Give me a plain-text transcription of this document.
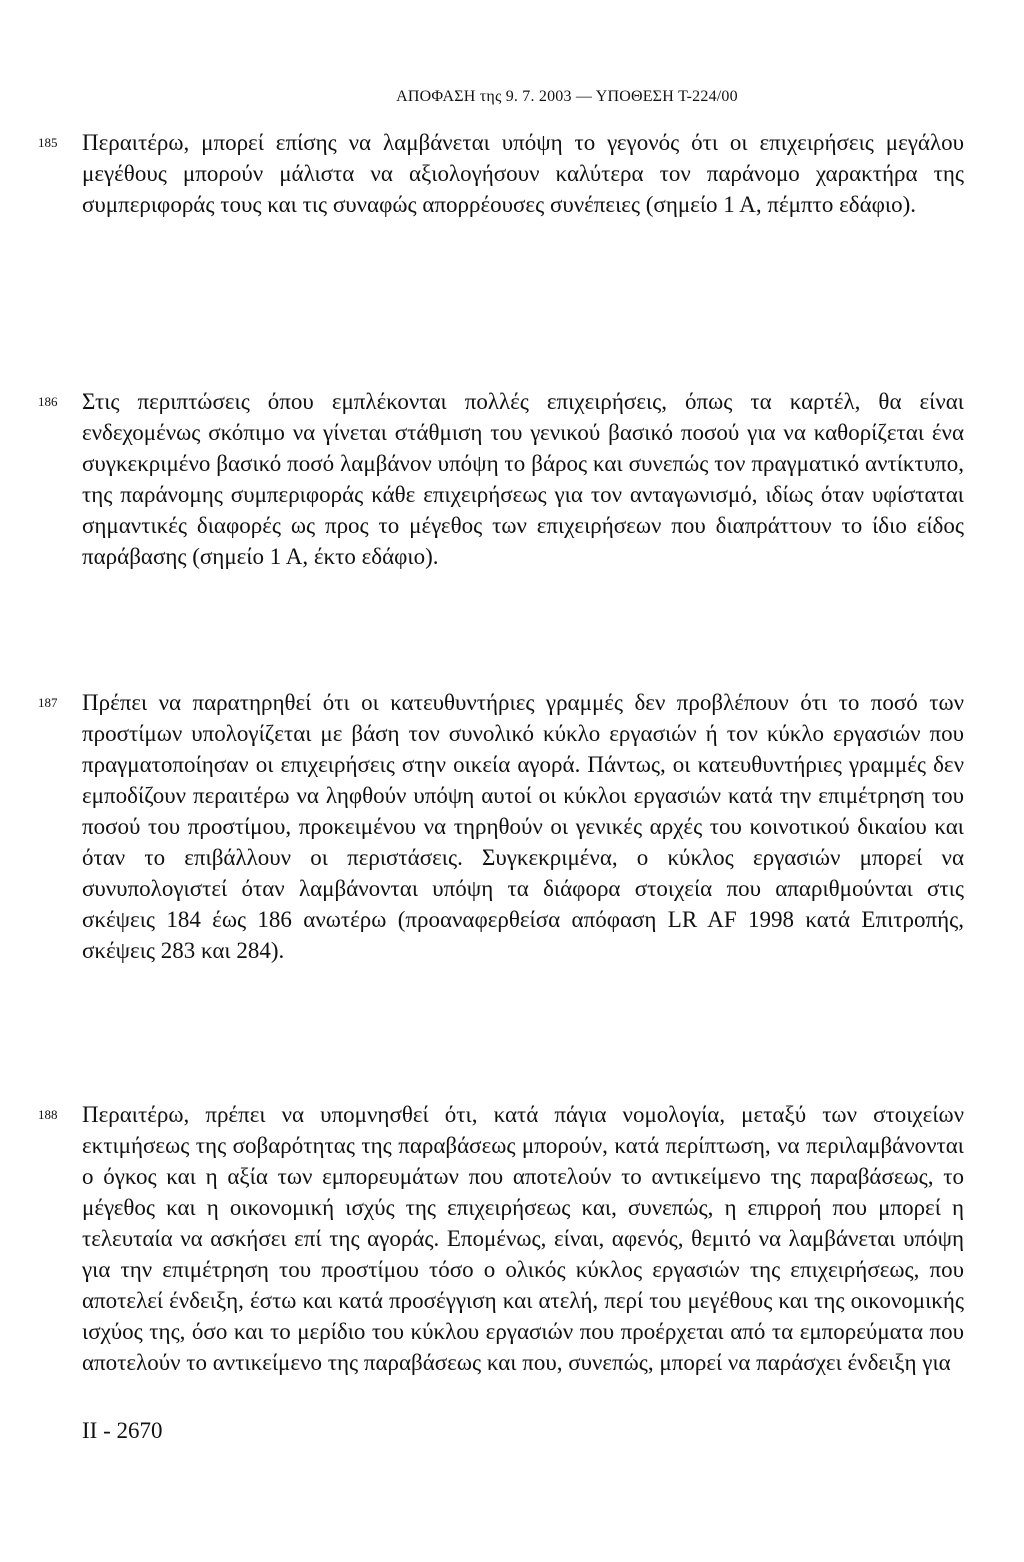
ΑΠΟΦΑΣΗ της 9. 7. 2003 — ΥΠΟΘΕΣΗ T-224/00
185 Περαιτέρω, μπορεί επίσης να λαμβάνεται υπόψη το γεγονός ότι οι επιχειρήσεις μεγάλου μεγέθους μπορούν μάλιστα να αξιολογήσουν καλύτερα τον παράνομο χαρακτήρα της συμπεριφοράς τους και τις συναφώς απορρέουσες συνέπειες (σημείο 1 Α, πέμπτο εδάφιο).

186 Στις περιπτώσεις όπου εμπλέκονται πολλές επιχειρήσεις, όπως τα καρτέλ, θα είναι ενδεχομένως σκόπιμο να γίνεται στάθμιση του γενικού βασικό ποσού για να καθορίζεται ένα συγκεκριμένο βασικό ποσό λαμβάνον υπόψη το βάρος και συνεπώς τον πραγματικό αντίκτυπο, της παράνομης συμπεριφοράς κάθε επιχειρήσεως για τον ανταγωνισμό, ιδίως όταν υφίσταται σημαντικές διαφορές ως προς το μέγεθος των επιχειρήσεων που διαπράττουν το ίδιο είδος παράβασης (σημείο 1 Α, έκτο εδάφιο).

187 Πρέπει να παρατηρηθεί ότι οι κατευθυντήριες γραμμές δεν προβλέπουν ότι το ποσό των προστίμων υπολογίζεται με βάση τον συνολικό κύκλο εργασιών ή τον κύκλο εργασιών που πραγματοποίησαν οι επιχειρήσεις στην οικεία αγορά. Πάντως, οι κατευθυντήριες γραμμές δεν εμποδίζουν περαιτέρω να ληφθούν υπόψη αυτοί οι κύκλοι εργασιών κατά την επιμέτρηση του ποσού του προστίμου, προκειμένου να τηρηθούν οι γενικές αρχές του κοινοτικού δικαίου και όταν το επιβάλλουν οι περιστάσεις. Συγκεκριμένα, ο κύκλος εργασιών μπορεί να συνυπολογιστεί όταν λαμβάνονται υπόψη τα διάφορα στοιχεία που απαριθμούνται στις σκέψεις 184 έως 186 ανωτέρω (προαναφερθείσα απόφαση LR AF 1998 κατά Επιτροπής, σκέψεις 283 και 284).

188 Περαιτέρω, πρέπει να υπομνησθεί ότι, κατά πάγια νομολογία, μεταξύ των στοιχείων εκτιμήσεως της σοβαρότητας της παραβάσεως μπορούν, κατά περίπτωση, να περιλαμβάνονται ο όγκος και η αξία των εμπορευμάτων που αποτελούν το αντικείμενο της παραβάσεως, το μέγεθος και η οικονομική ισχύς της επιχειρήσεως και, συνεπώς, η επιρροή που μπορεί η τελευταία να ασκήσει επί της αγοράς. Επομένως, είναι, αφενός, θεμιτό να λαμβάνεται υπόψη για την επιμέτρηση του προστίμου τόσο ο ολικός κύκλος εργασιών της επιχειρήσεως, που αποτελεί ένδειξη, έστω και κατά προσέγγιση και ατελή, περί του μεγέθους και της οικονομικής ισχύος της, όσο και το μερίδιο του κύκλου εργασιών που προέρχεται από τα εμπορεύματα που αποτελούν το αντικείμενο της παραβάσεως και που, συνεπώς, μπορεί να παράσχει ένδειξη για

II - 2670
